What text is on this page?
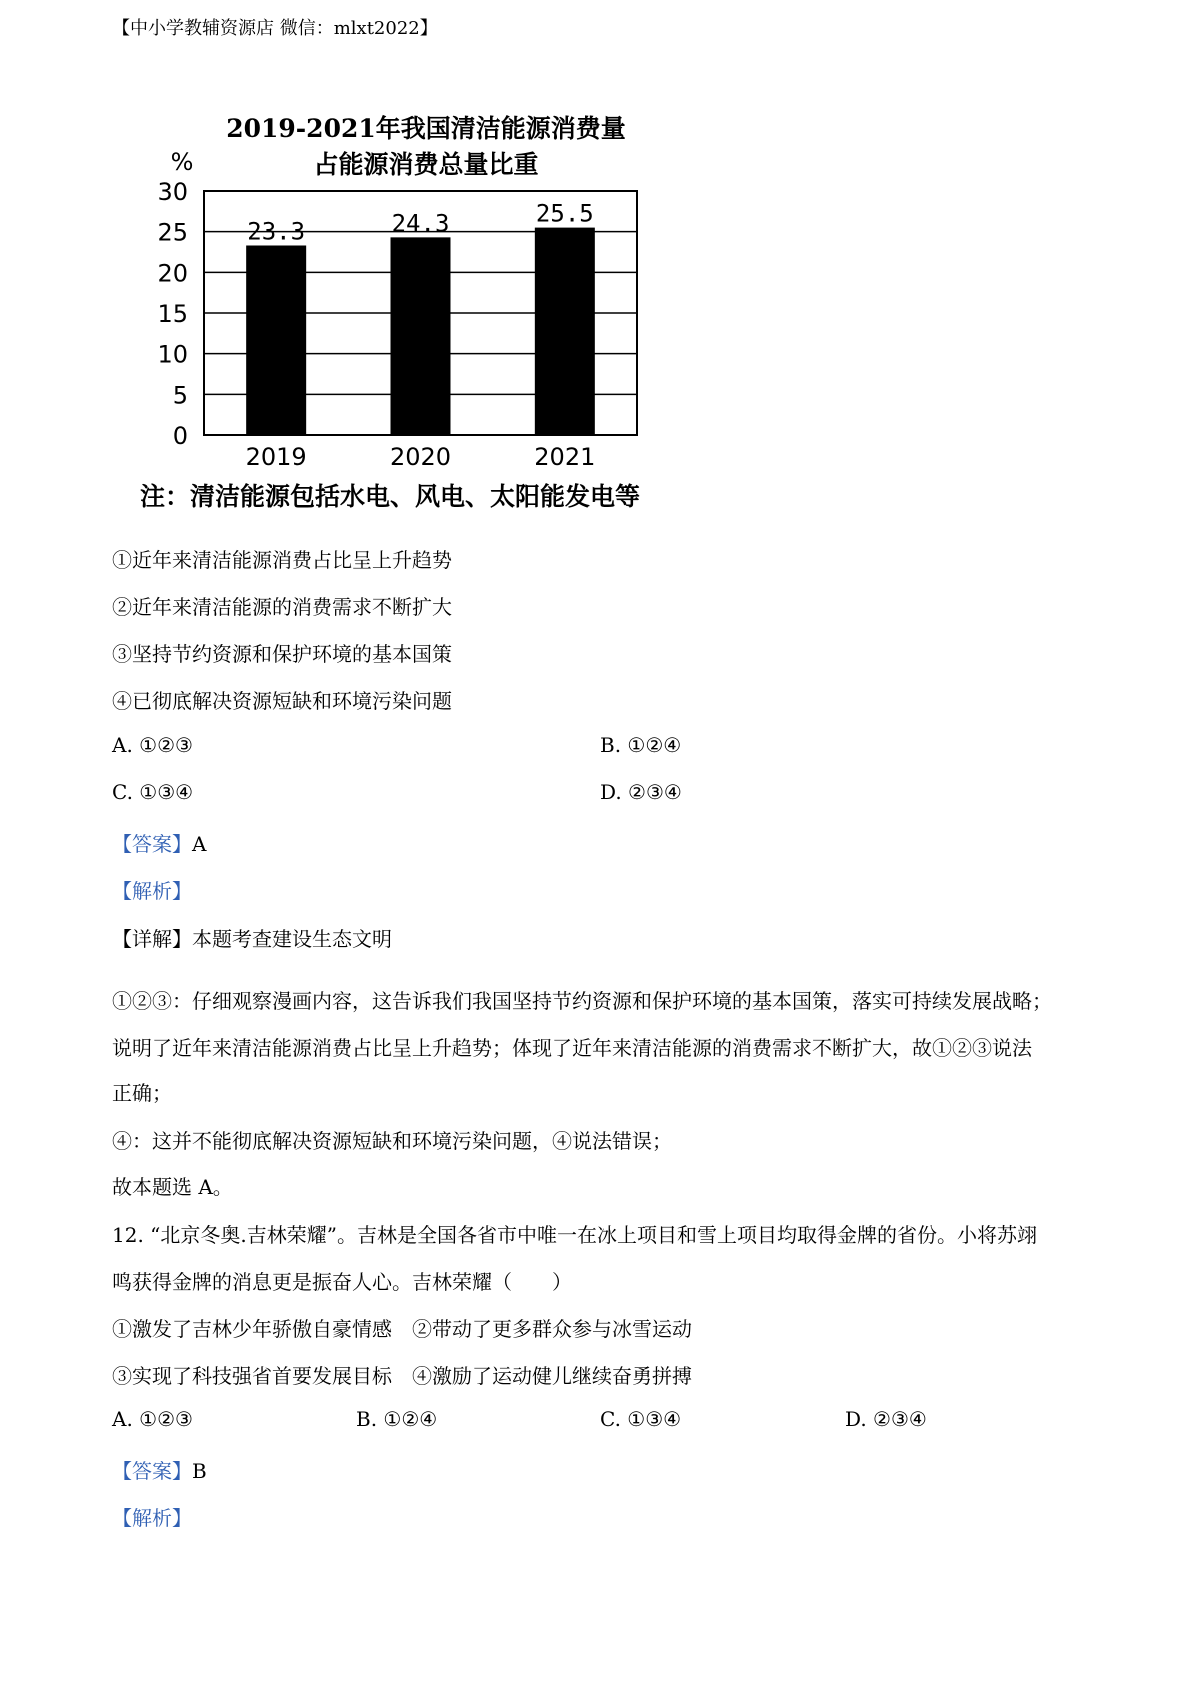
【中小学教辅资源店 微信：mlxt2022】
2019-2021年我国清洁能源消费量
占能源消费总量比重
%
0
5
10
15
20
25
30
23.3	24.3	25.5
2019	2020	2021
注：清洁能源包括水电、风电、太阳能发电等
①近年来清洁能源消费占比呈上升趋势
②近年来清洁能源的消费需求不断扩大
③坚持节约资源和保护环境的基本国策
④已彻底解决资源短缺和环境污染问题
A. ①②③	B. ①②④
C. ①③④	D. ②③④
【答案】A
【解析】
【详解】本题考查建设生态文明
①②③：仔细观察漫画内容，这告诉我们我国坚持节约资源和保护环境的基本国策，落实可持续发展战略；
说明了近年来清洁能源消费占比呈上升趋势；体现了近年来清洁能源的消费需求不断扩大，故①②③说法
正确；
④：这并不能彻底解决资源短缺和环境污染问题，④说法错误；
故本题选 A。
12. “北京冬奥.吉林荣耀”。吉林是全国各省市中唯一在冰上项目和雪上项目均取得金牌的省份。小将苏翊
鸣获得金牌的消息更是振奋人心。吉林荣耀（　　）
①激发了吉林少年骄傲自豪情感　②带动了更多群众参与冰雪运动
③实现了科技强省首要发展目标　④激励了运动健儿继续奋勇拼搏
A. ①②③	B. ①②④	C. ①③④	D. ②③④
【答案】B
【解析】
